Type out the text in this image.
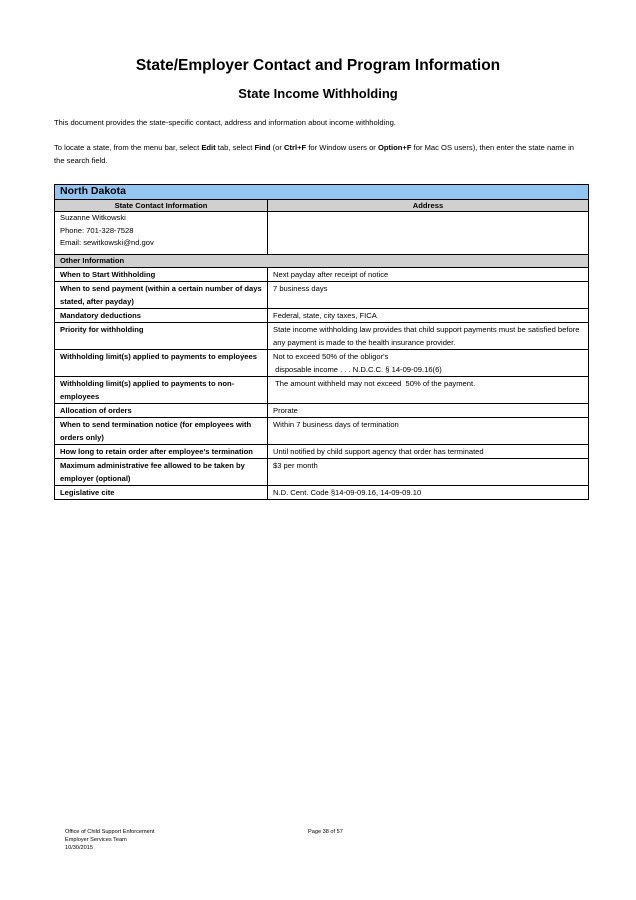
State/Employer Contact and Program Information
State Income Withholding

This document provides the state-specific contact, address and information about income withholding.

To locate a state, from the menu bar, select Edit tab, select Find (or Ctrl+F for Window users or Option+F for Mac OS users), then enter the state name in the search field.

North Dakota	
State Contact Information	Address

Suzanne Witkowski
Phone: 701-328-7528
Email: sewitkowski@nd.gov	

Other Information	
When to Start Withholding	Next payday after receipt of notice
When to send payment (within a certain number of days stated, after payday)	7 business days
Mandatory deductions	Federal, state, city taxes, FICA
Priority for withholding	State income withholding law provides that child support payments must be satisfied before any payment is made to the health insurance provider.
Withholding limit(s) applied to payments to employees	Not to exceed 50% of the obligor's
disposable income . . . N.D.C.C. § 14-09-09.16(6)

Withholding limit(s) applied to payments to non-employees	The amount withheld may not exceed  50% of the payment.
Allocation of orders	Prorate
When to send termination notice (for employees with orders only)	Within 7 business days of termination
How long to retain order after employee's termination	Until notified by child support agency that order has terminated
Maximum administrative fee allowed to be taken by employer (optional)	$3 per month
Legislative cite	N.D. Cent. Code §14-09-09.16, 14-09-09.10
Office of Child Support Enforcement
Employer Services Team
10/30/2015
Page 38 of 57
